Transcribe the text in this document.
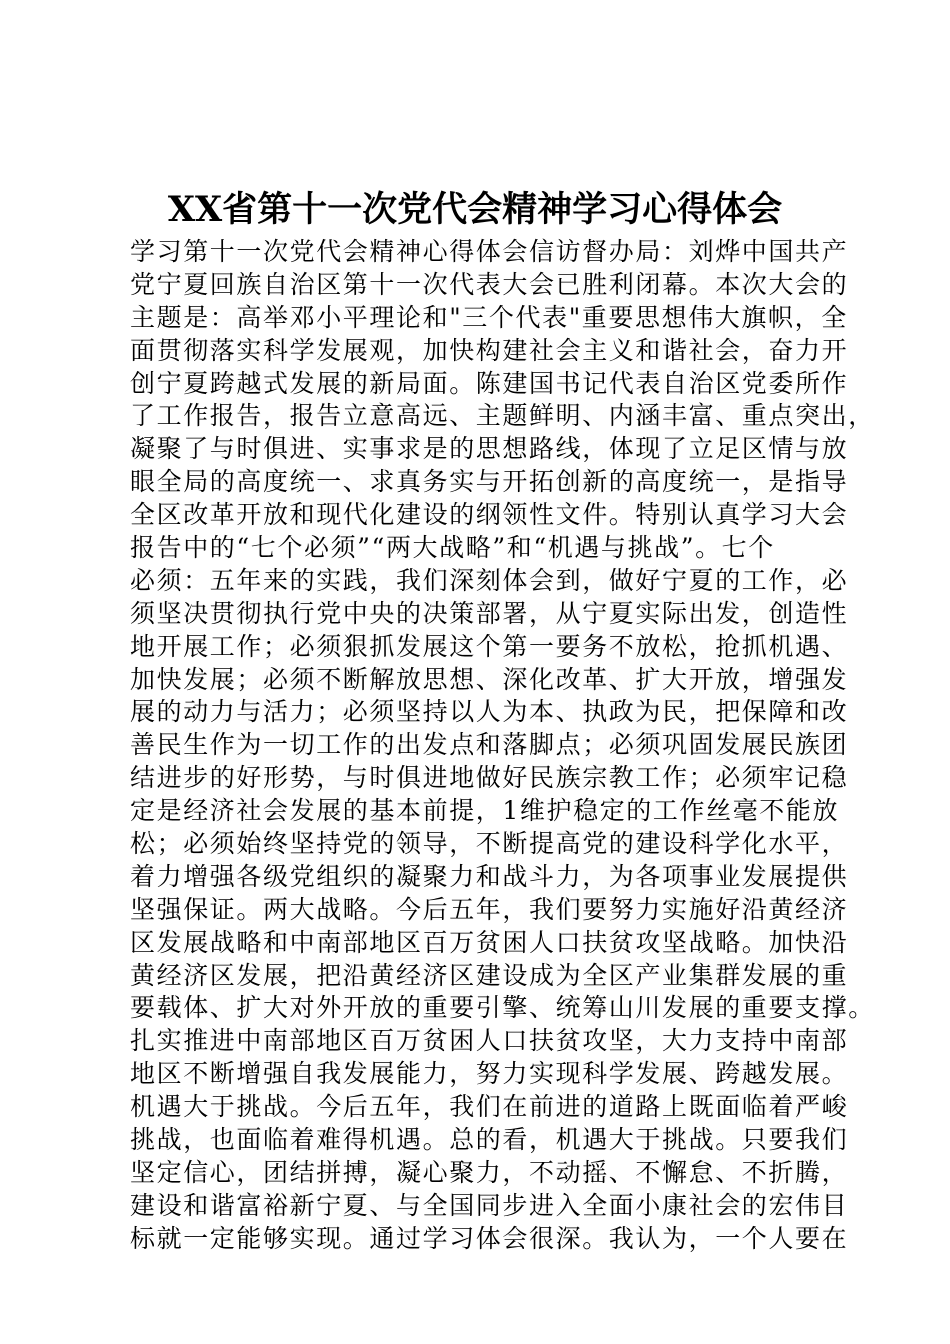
XX省第十一次党代会精神学习心得体会
学习第十一次党代会精神心得体会信访督办局：刘烨中国共产
党宁夏回族自治区第十一次代表大会已胜利闭幕。本次大会的
主题是：高举邓小平理论和"三个代表"重要思想伟大旗帜，全
面贯彻落实科学发展观，加快构建社会主义和谐社会，奋力开
创宁夏跨越式发展的新局面。陈建国书记代表自治区党委所作
了工作报告，报告立意高远、主题鲜明、内涵丰富、重点突出，
凝聚了与时俱进、实事求是的思想路线，体现了立足区情与放
眼全局的高度统一、求真务实与开拓创新的高度统一，是指导
全区改革开放和现代化建设的纲领性文件。特别认真学习大会
报告中的“七个必须”“两大战略”和“机遇与挑战”。七个
必须：五年来的实践，我们深刻体会到，做好宁夏的工作，必
须坚决贯彻执行党中央的决策部署，从宁夏实际出发，创造性
地开展工作；必须狠抓发展这个第一要务不放松，抢抓机遇、
加快发展；必须不断解放思想、深化改革、扩大开放，增强发
展的动力与活力；必须坚持以人为本、执政为民，把保障和改
善民生作为一切工作的出发点和落脚点；必须巩固发展民族团
结进步的好形势，与时俱进地做好民族宗教工作；必须牢记稳
定是经济社会发展的基本前提，1维护稳定的工作丝毫不能放
松；必须始终坚持党的领导，不断提高党的建设科学化水平，
着力增强各级党组织的凝聚力和战斗力，为各项事业发展提供
坚强保证。两大战略。今后五年，我们要努力实施好沿黄经济
区发展战略和中南部地区百万贫困人口扶贫攻坚战略。加快沿
黄经济区发展，把沿黄经济区建设成为全区产业集群发展的重
要载体、扩大对外开放的重要引擎、统筹山川发展的重要支撑。
扎实推进中南部地区百万贫困人口扶贫攻坚，大力支持中南部
地区不断增强自我发展能力，努力实现科学发展、跨越发展。
机遇大于挑战。今后五年，我们在前进的道路上既面临着严峻
挑战，也面临着难得机遇。总的看，机遇大于挑战。只要我们
坚定信心，团结拼搏，凝心聚力，不动摇、不懈怠、不折腾，
建设和谐富裕新宁夏、与全国同步进入全面小康社会的宏伟目
标就一定能够实现。通过学习体会很深。我认为，一个人要在
